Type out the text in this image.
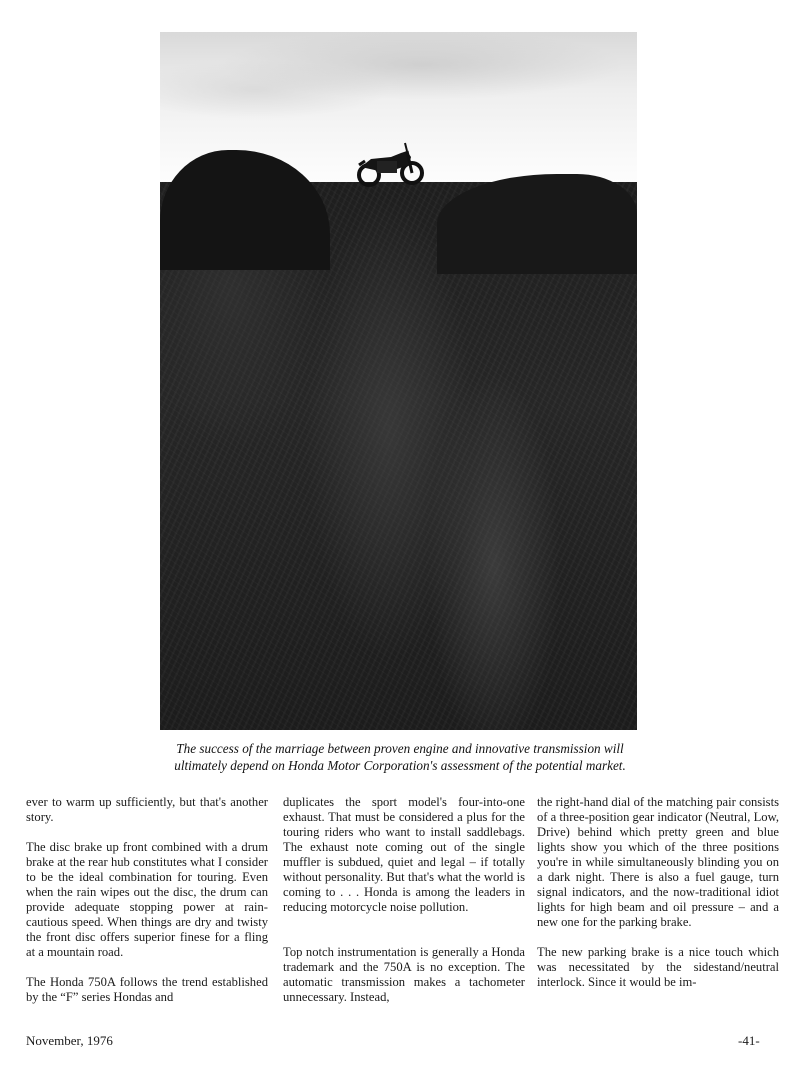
The success of the marriage between proven engine and innovative transmission will ultimately depend on Honda Motor Corporation's assessment of the potential market.

ever to warm up sufficiently, but that's another story.

The disc brake up front combined with a drum brake at the rear hub constitutes what I consider to be the ideal combination for touring. Even when the rain wipes out the disc, the drum can provide adequate stopping power at rain-cautious speed. When things are dry and twisty the front disc offers superior finese for a fling at a mountain road.

The Honda 750A follows the trend established by the “F” series Hondas and

duplicates the sport model's four-into-one exhaust. That must be considered a plus for the touring riders who want to install saddlebags. The exhaust note coming out of the single muffler is subdued, quiet and legal – if totally without personality. But that's what the world is coming to . . . Honda is among the leaders in reducing motorcycle noise pollution.

Top notch instrumentation is generally a Honda trademark and the 750A is no exception. The automatic transmission makes a tachometer unnecessary. Instead,

the right-hand dial of the matching pair consists of a three-position gear indicator (Neutral, Low, Drive) behind which pretty green and blue lights show you which of the three positions you're in while simultaneously blinding you on a dark night. There is also a fuel gauge, turn signal indicators, and the now-traditional idiot lights for high beam and oil pressure – and a new one for the parking brake.

The new parking brake is a nice touch which was necessitated by the sidestand/neutral interlock. Since it would be im-

November, 1976	-41-
